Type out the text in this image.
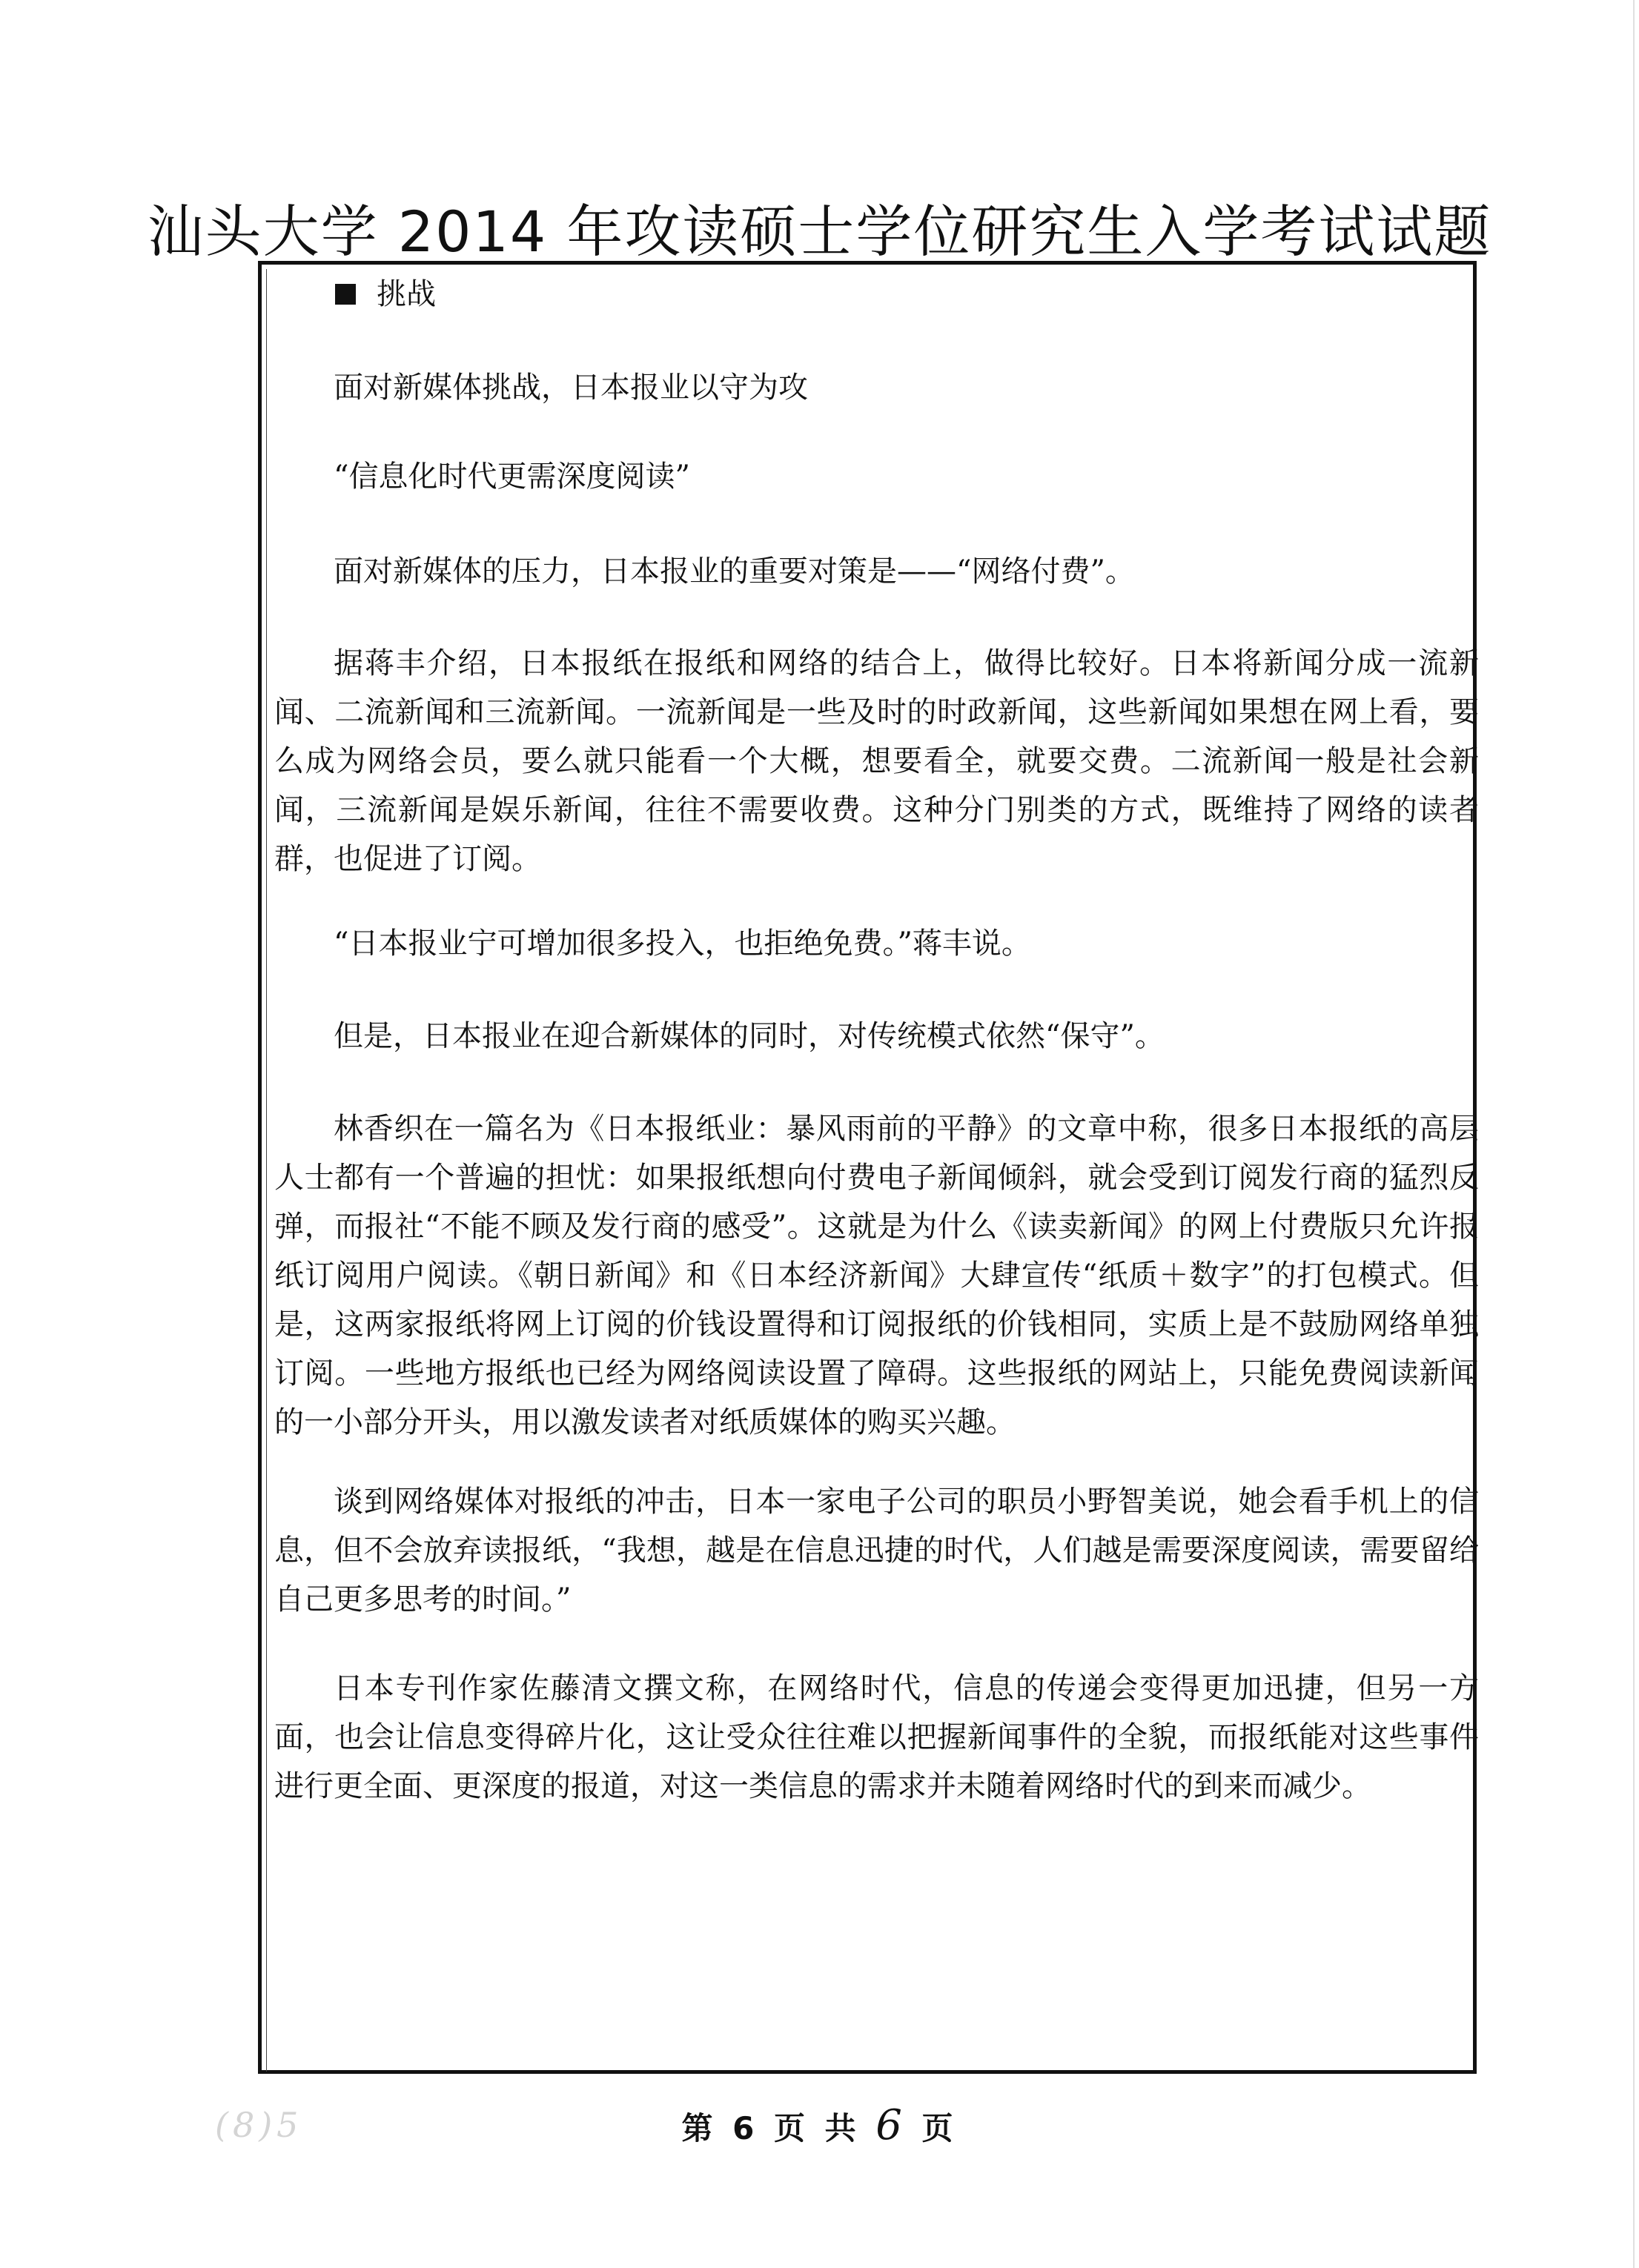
汕头大学 2014 年攻读硕士学位研究生入学考试试题
挑战

面对新媒体挑战，日本报业以守为攻

“信息化时代更需深度阅读”

面对新媒体的压力，日本报业的重要对策是——“网络付费”。

据蒋丰介绍，日本报纸在报纸和网络的结合上，做得比较好。日本将新闻分成一流新闻、二流新闻和三流新闻。一流新闻是一些及时的时政新闻，这些新闻如果想在网上看，要么成为网络会员，要么就只能看一个大概，想要看全，就要交费。二流新闻一般是社会新闻，三流新闻是娱乐新闻，往往不需要收费。这种分门别类的方式，既维持了网络的读者群，也促进了订阅。

“日本报业宁可增加很多投入，也拒绝免费。”蒋丰说。

但是，日本报业在迎合新媒体的同时，对传统模式依然“保守”。

林香织在一篇名为《日本报纸业：暴风雨前的平静》的文章中称，很多日本报纸的高层人士都有一个普遍的担忧：如果报纸想向付费电子新闻倾斜，就会受到订阅发行商的猛烈反弹，而报社“不能不顾及发行商的感受”。这就是为什么《读卖新闻》的网上付费版只允许报纸订阅用户阅读。《朝日新闻》和《日本经济新闻》大肆宣传“纸质＋数字”的打包模式。但是，这两家报纸将网上订阅的价钱设置得和订阅报纸的价钱相同，实质上是不鼓励网络单独订阅。一些地方报纸也已经为网络阅读设置了障碍。这些报纸的网站上，只能免费阅读新闻的一小部分开头，用以激发读者对纸质媒体的购买兴趣。

谈到网络媒体对报纸的冲击，日本一家电子公司的职员小野智美说，她会看手机上的信息，但不会放弃读报纸，“我想，越是在信息迅捷的时代，人们越是需要深度阅读，需要留给自己更多思考的时间。”

日本专刊作家佐藤清文撰文称，在网络时代，信息的传递会变得更加迅捷，但另一方面，也会让信息变得碎片化，这让受众往往难以把握新闻事件的全貌，而报纸能对这些事件进行更全面、更深度的报道，对这一类信息的需求并未随着网络时代的到来而减少。

第 6 页 共 6 页
(8)5
